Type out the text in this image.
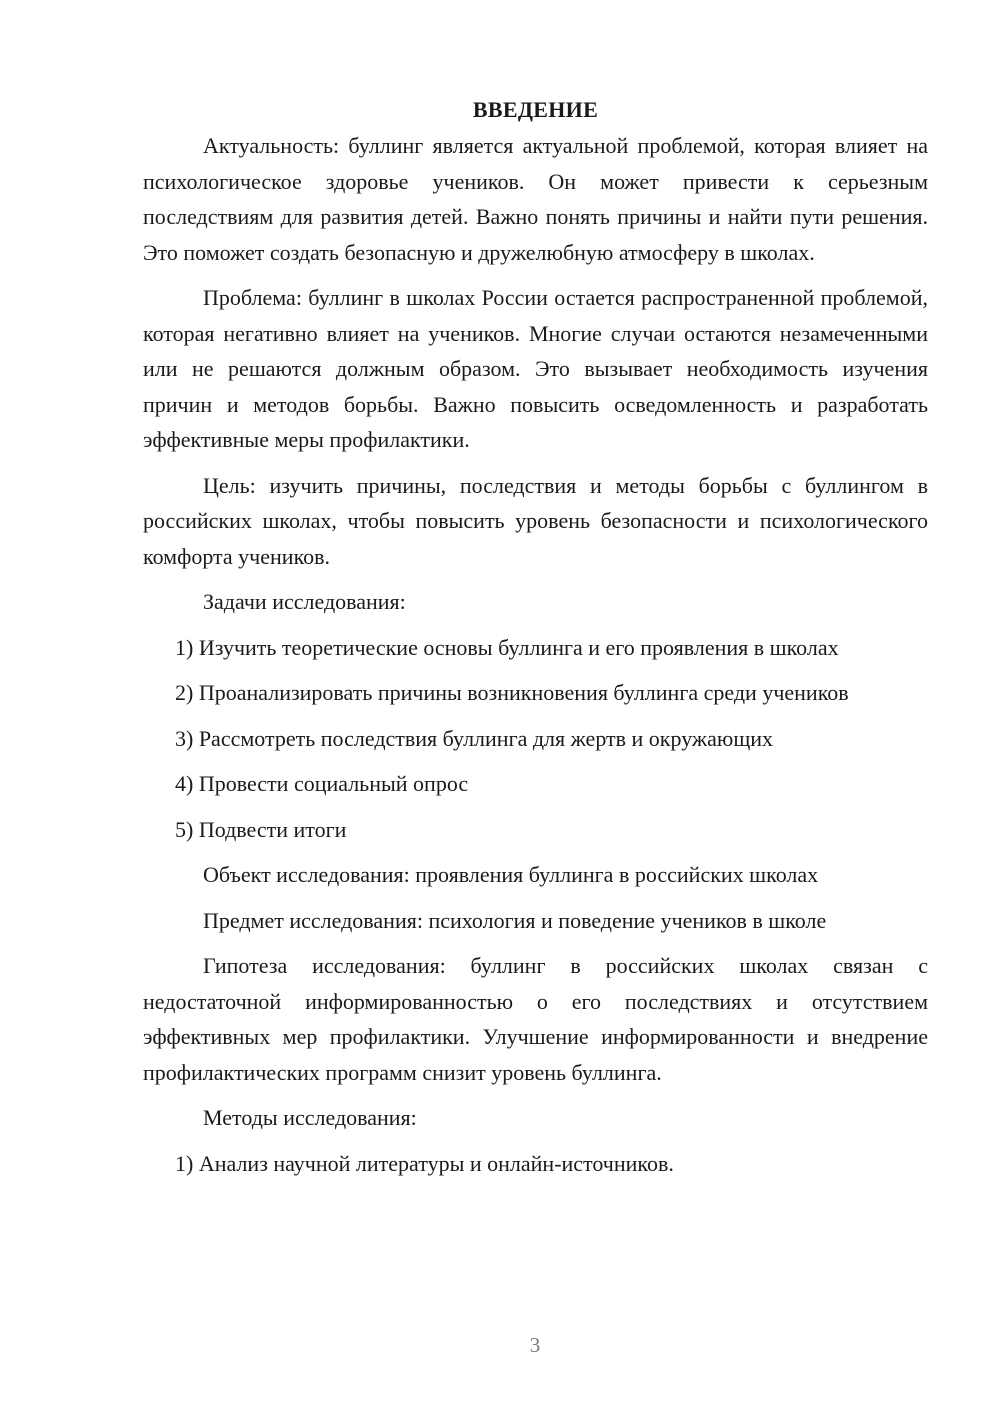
ВВЕДЕНИЕ

Актуальность: буллинг является актуальной проблемой, которая влияет на психологическое здоровье учеников. Он может привести к серьезным последствиям для развития детей. Важно понять причины и найти пути решения. Это поможет создать безопасную и дружелюбную атмосферу в школах.

Проблема: буллинг в школах России остается распространенной проблемой, которая негативно влияет на учеников. Многие случаи остаются незамеченными или не решаются должным образом. Это вызывает необходимость изучения причин и методов борьбы. Важно повысить осведомленность и разработать эффективные меры профилактики.

Цель: изучить причины, последствия и методы борьбы с буллингом в российских школах, чтобы повысить уровень безопасности и психологического комфорта учеников.

Задачи исследования:

1) Изучить теоретические основы буллинга и его проявления в школах

2) Проанализировать причины возникновения буллинга среди учеников

3) Рассмотреть последствия буллинга для жертв и окружающих

4) Провести социальный опрос

5) Подвести итоги

Объект исследования: проявления буллинга в российских школах

Предмет исследования: психология и поведение учеников в школе

Гипотеза исследования: буллинг в российских школах связан с недостаточной информированностью о его последствиях и отсутствием эффективных мер профилактики. Улучшение информированности и внедрение профилактических программ снизит уровень буллинга.

Методы исследования:

1) Анализ научной литературы и онлайн-источников.

3
